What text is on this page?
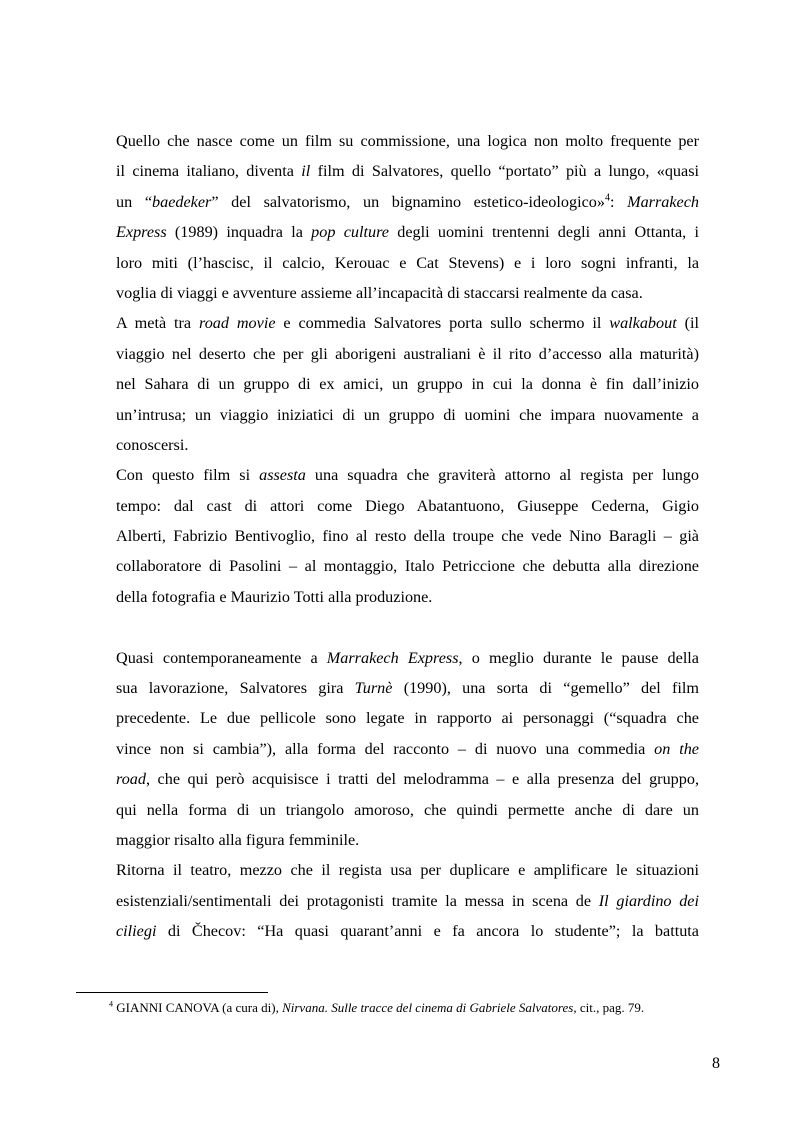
Quello che nasce come un film su commissione, una logica non molto frequente per
il cinema italiano, diventa il film di Salvatores, quello “portato” più a lungo, «quasi
un “baedeker” del salvatorismo, un bignamino estetico-ideologico»$^4$: Marrakech
Express (1989) inquadra la pop culture degli uomini trentenni degli anni Ottanta, i
loro miti (l’hascisc, il calcio, Kerouac e Cat Stevens) e i loro sogni infranti, la
voglia di viaggi e avventure assieme all’incapacità di staccarsi realmente da casa.
A metà tra road movie e commedia Salvatores porta sullo schermo il walkabout (il
viaggio nel deserto che per gli aborigeni australiani è il rito d’accesso alla maturità)
nel Sahara di un gruppo di ex amici, un gruppo in cui la donna è fin dall’inizio
un’intrusa; un viaggio iniziatici di un gruppo di uomini che impara nuovamente a
conoscersi.
Con questo film si assesta una squadra che graviterà attorno al regista per lungo
tempo: dal cast di attori come Diego Abatantuono, Giuseppe Cederna, Gigio
Alberti, Fabrizio Bentivoglio, fino al resto della troupe che vede Nino Baragli – già
collaboratore di Pasolini – al montaggio, Italo Petriccione che debutta alla direzione
della fotografia e Maurizio Totti alla produzione.
Quasi contemporaneamente a Marrakech Express, o meglio durante le pause della
sua lavorazione, Salvatores gira Turnè (1990), una sorta di “gemello” del film
precedente. Le due pellicole sono legate in rapporto ai personaggi (“squadra che
vince non si cambia”), alla forma del racconto – di nuovo una commedia on the
road, che qui però acquisisce i tratti del melodramma – e alla presenza del gruppo,
qui nella forma di un triangolo amoroso, che quindi permette anche di dare un
maggior risalto alla figura femminile.
Ritorna il teatro, mezzo che il regista usa per duplicare e amplificare le situazioni
esistenziali/sentimentali dei protagonisti tramite la messa in scena de Il giardino dei
ciliegi di Čhecov: “Ha quasi quarant’anni e fa ancora lo studente”; la battuta
$^4$ GIANNI CANOVA (a cura di), Nirvana. Sulle tracce del cinema di Gabriele Salvatores, cit., pag. 79.
8
